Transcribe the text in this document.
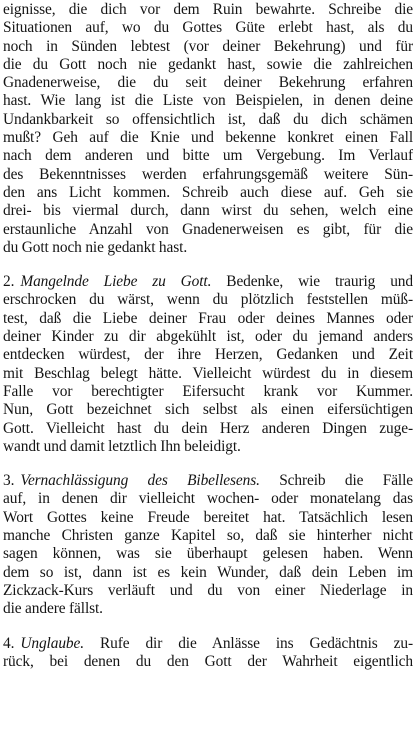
eignisse, die dich vor dem Ruin bewahrte. Schreibe die
Situationen auf, wo du Gottes Güte erlebt hast, als du
noch in Sünden lebtest (vor deiner Bekehrung) und für
die du Gott noch nie gedankt hast, sowie die zahlreichen
Gnadenerweise, die du seit deiner Bekehrung erfahren
hast. Wie lang ist die Liste von Beispielen, in denen deine
Undankbarkeit so offensichtlich ist, daß du dich schämen
mußt? Geh auf die Knie und bekenne konkret einen Fall
nach dem anderen und bitte um Vergebung. Im Verlauf
des Bekenntnisses werden erfahrungsgemäß weitere Sün-
den ans Licht kommen. Schreib auch diese auf. Geh sie
drei- bis viermal durch, dann wirst du sehen, welch eine
erstaunliche Anzahl von Gnadenerweisen es gibt, für die
du Gott noch nie gedankt hast.

2. Mangelnde Liebe zu Gott. Bedenke, wie traurig und
erschrocken du wärst, wenn du plötzlich feststellen müß-
test, daß die Liebe deiner Frau oder deines Mannes oder
deiner Kinder zu dir abgekühlt ist, oder du jemand anders
entdecken würdest, der ihre Herzen, Gedanken und Zeit
mit Beschlag belegt hätte. Vielleicht würdest du in diesem
Falle vor berechtigter Eifersucht krank vor Kummer.
Nun, Gott bezeichnet sich selbst als einen eifersüchtigen
Gott. Vielleicht hast du dein Herz anderen Dingen zuge-
wandt und damit letztlich Ihn beleidigt.

3. Vernachlässigung des Bibellesens. Schreib die Fälle
auf, in denen dir vielleicht wochen- oder monatelang das
Wort Gottes keine Freude bereitet hat. Tatsächlich lesen
manche Christen ganze Kapitel so, daß sie hinterher nicht
sagen können, was sie überhaupt gelesen haben. Wenn
dem so ist, dann ist es kein Wunder, daß dein Leben im
Zickzack-Kurs verläuft und du von einer Niederlage in
die andere fällst.

4. Unglaube. Rufe dir die Anlässe ins Gedächtnis zu-
rück, bei denen du den Gott der Wahrheit eigentlich
